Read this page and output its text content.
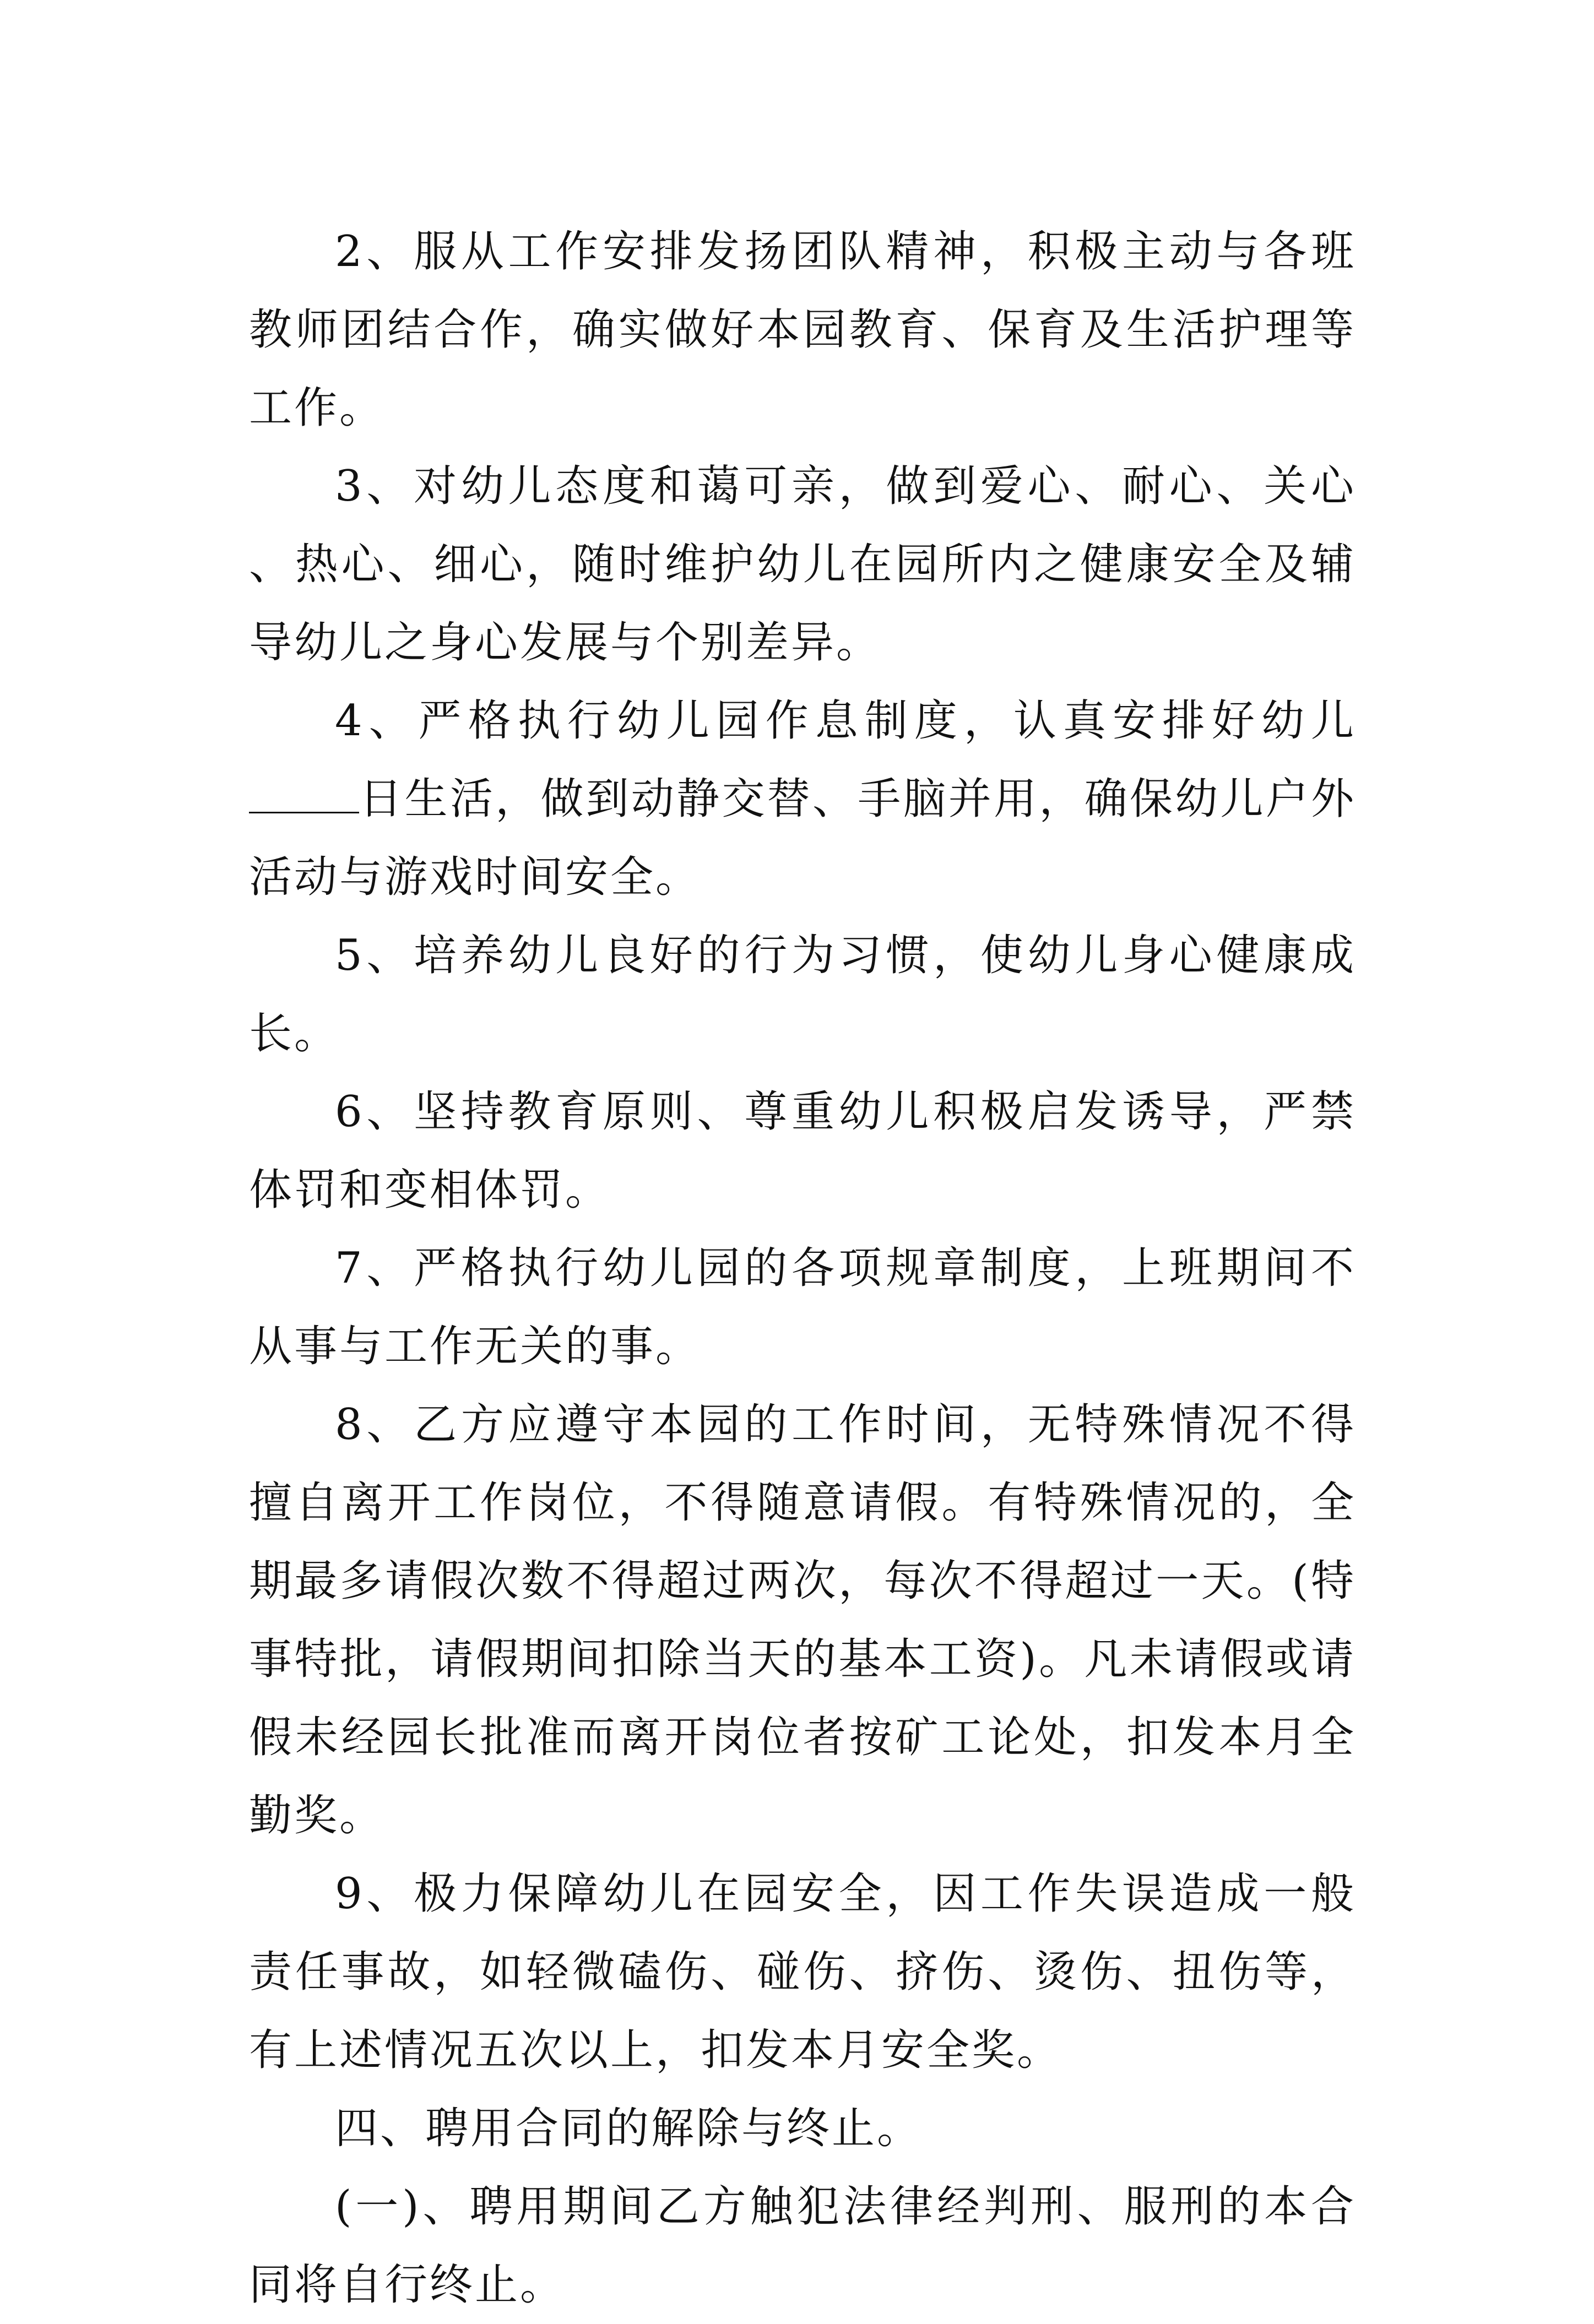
2、服从工作安排发扬团队精神，积极主动与各班教师团结合作，确实做好本园教育、保育及生活护理等工作。

3、对幼儿态度和蔼可亲，做到爱心、耐心、关心、热心、细心，随时维护幼儿在园所内之健康安全及辅导幼儿之身心发展与个别差异。

4、严格执行幼儿园作息制度，认真安排好幼儿日生活，做到动静交替、手脑并用，确保幼儿户外活动与游戏时间安全。

5、培养幼儿良好的行为习惯，使幼儿身心健康成长。

6、坚持教育原则、尊重幼儿积极启发诱导，严禁体罚和变相体罚。

7、严格执行幼儿园的各项规章制度，上班期间不从事与工作无关的事。

8、乙方应遵守本园的工作时间，无特殊情况不得擅自离开工作岗位，不得随意请假。有特殊情况的，全期最多请假次数不得超过两次，每次不得超过一天。(特事特批，请假期间扣除当天的基本工资)。凡未请假或请假未经园长批准而离开岗位者按矿工论处，扣发本月全勤奖。

9、极力保障幼儿在园安全，因工作失误造成一般责任事故，如轻微磕伤、碰伤、挤伤、烫伤、扭伤等，有上述情况五次以上，扣发本月安全奖。

四、聘用合同的解除与终止。

(一)、聘用期间乙方触犯法律经判刑、服刑的本合同将自行终止。
